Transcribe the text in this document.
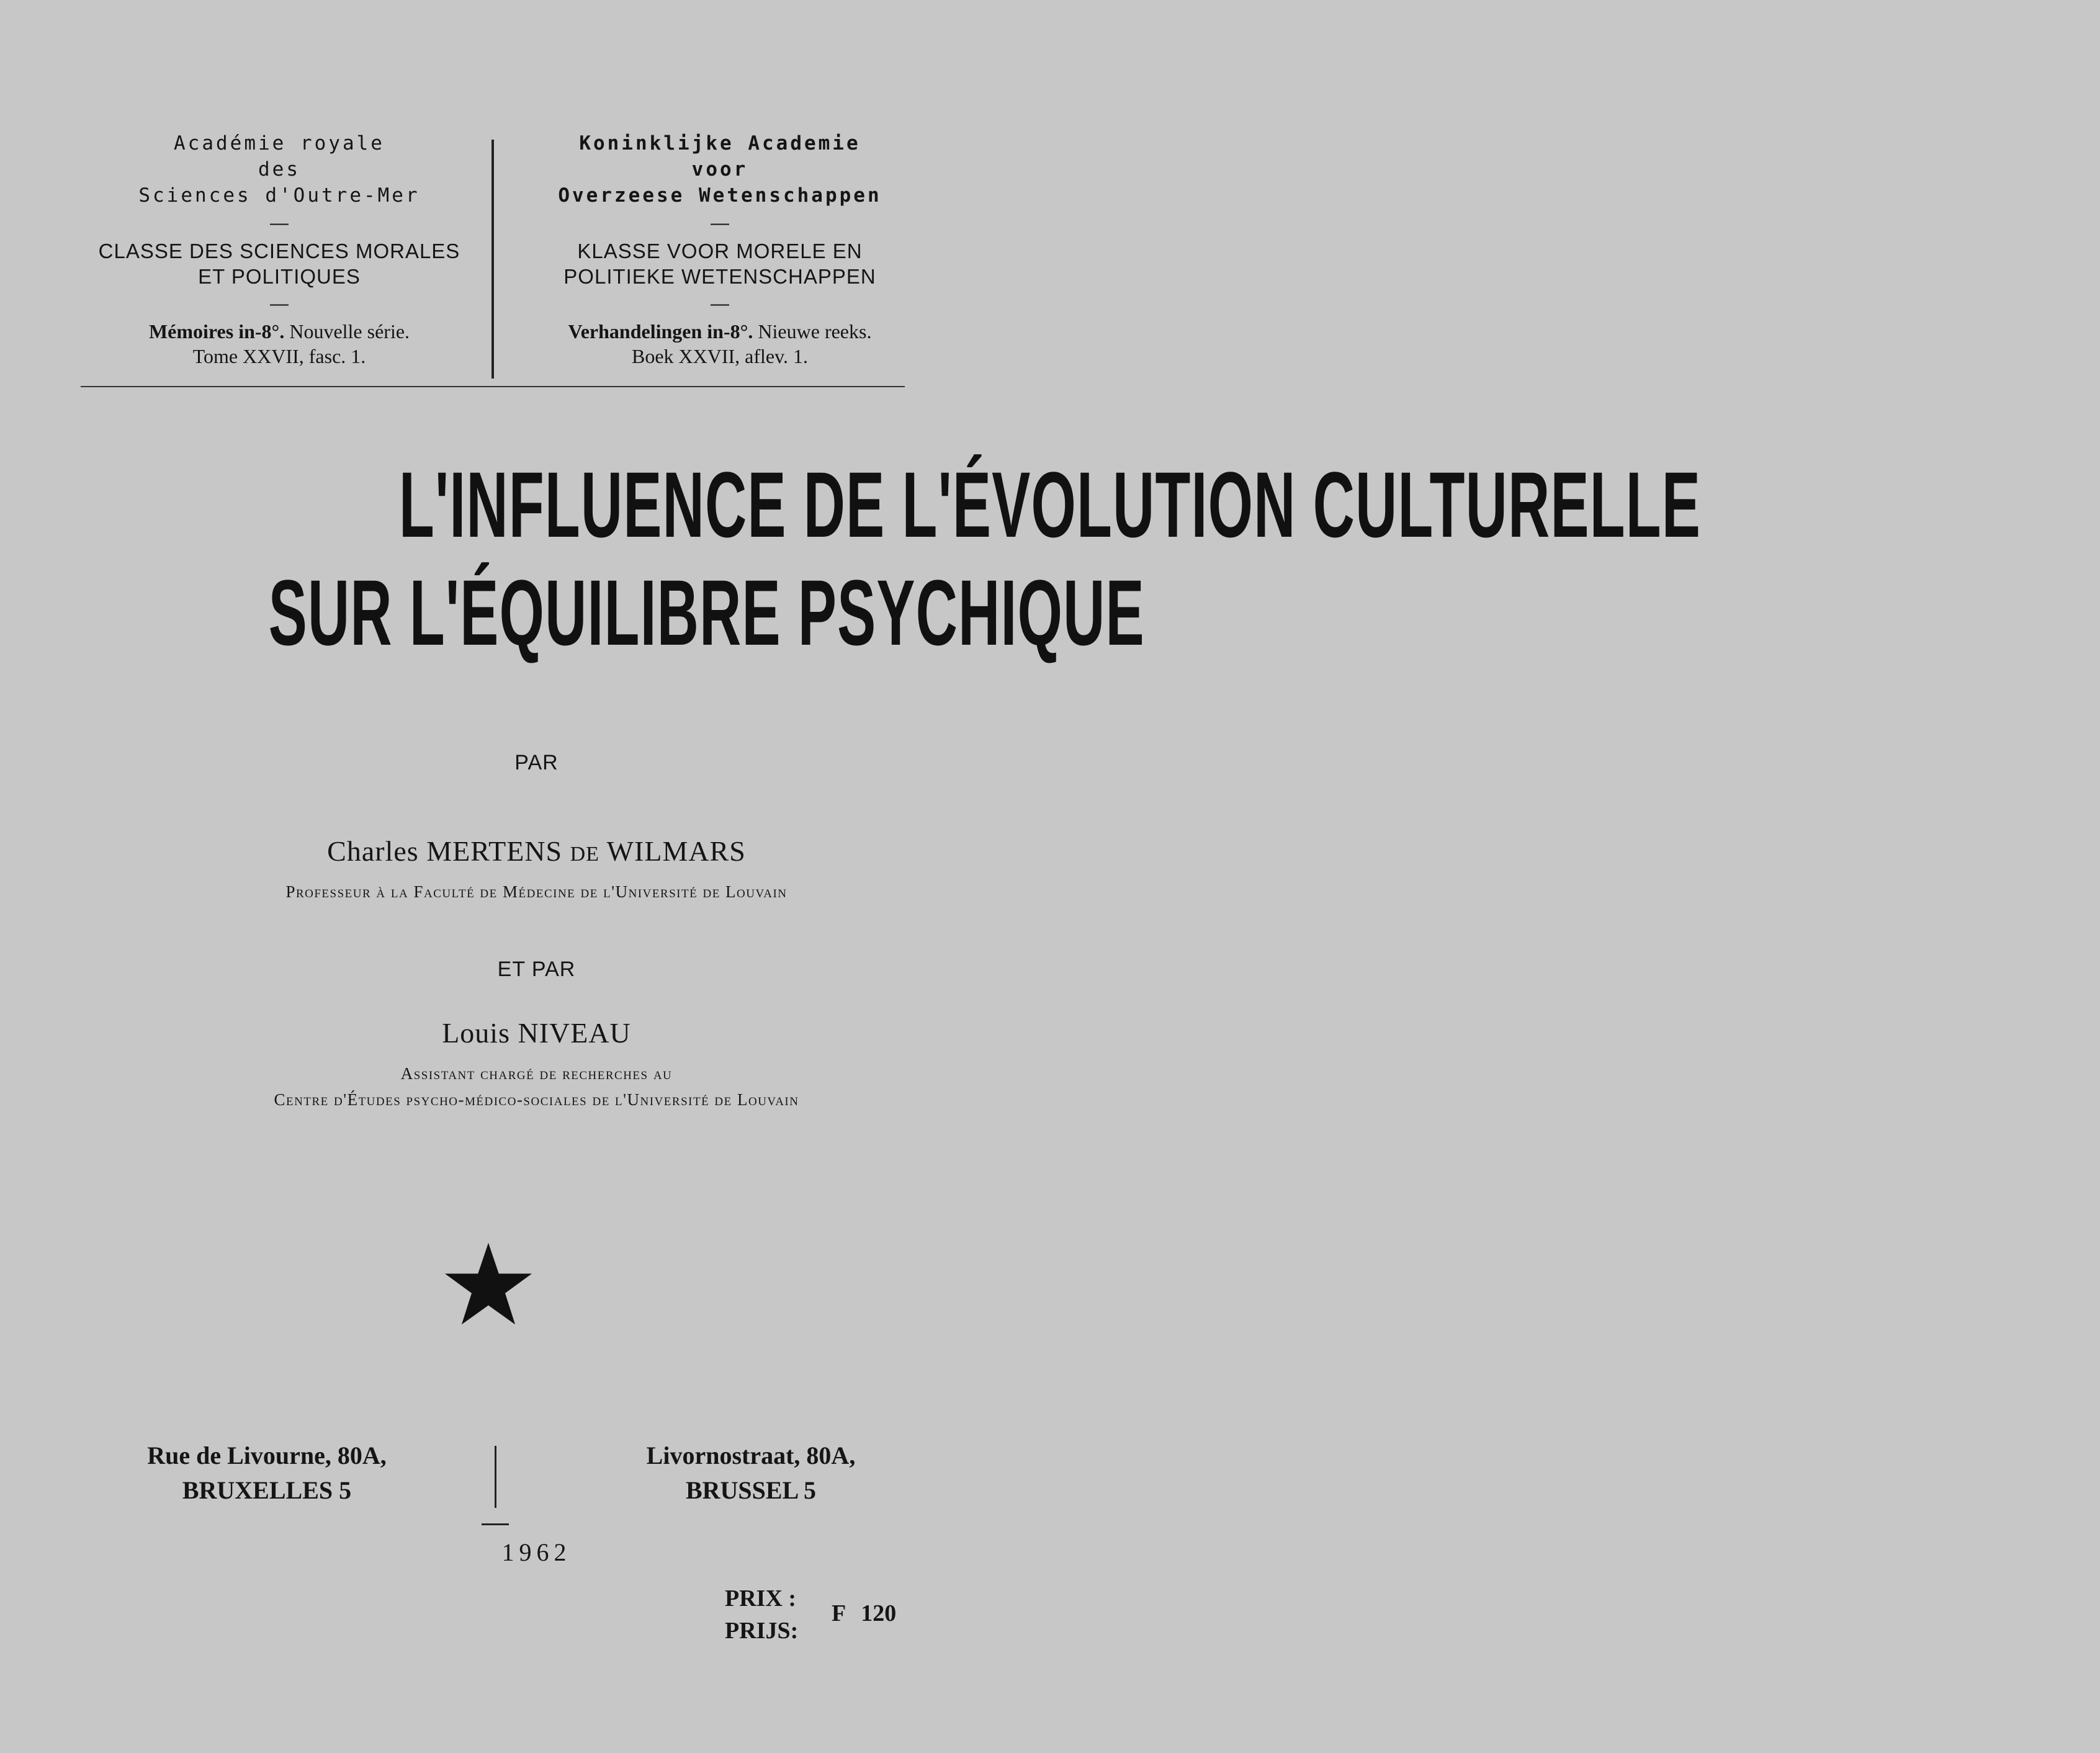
Académie royale
des
Sciences d'Outre-Mer
—
CLASSE DES SCIENCES MORALES
ET POLITIQUES
—
Mémoires in-8°. Nouvelle série.
Tome XXVII, fasc. 1.
Koninklijke Academie
voor
Overzeese Wetenschappen
—
KLASSE VOOR MORELE EN
POLITIEKE WETENSCHAPPEN
—
Verhandelingen in-8°. Nieuwe reeks.
Boek XXVII, aflev. 1.
L'INFLUENCE DE L'ÉVOLUTION CULTURELLE
SUR L'ÉQUILIBRE PSYCHIQUE
PAR
Charles MERTENS DE WILMARS
Professeur à la Faculté de Médecine de l'Université de Louvain
ET PAR
Louis NIVEAU
Assistant chargé de recherches au
Centre d'Études psycho-médico-sociales de l'Université de Louvain
Rue de Livourne, 80A,
BRUXELLES 5
Livornostraat, 80A,
BRUSSEL 5
1962
PRIX :
PRIJS:
F 120
